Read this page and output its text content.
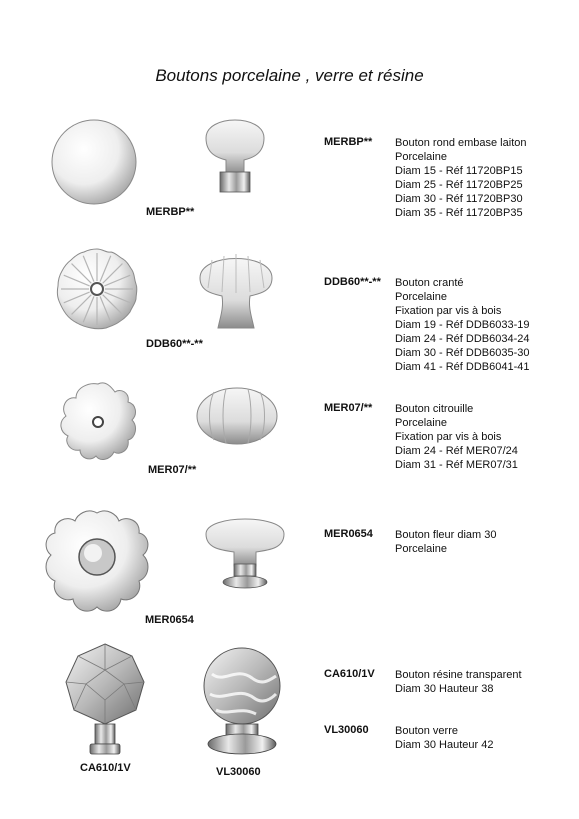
Boutons porcelaine , verre et résine
MERBP**
MERBP** Bouton rond embase laiton
Porcelaine
Diam 15 - Réf 11720BP15
Diam 25 - Réf 11720BP25
Diam 30 - Réf 11720BP30
Diam 35 - Réf 11720BP35
DDB60**-**
DDB60**-** Bouton cranté
Porcelaine
Fixation par vis à bois
Diam 19 - Réf DDB6033-19
Diam 24 - Réf DDB6034-24
Diam 30 - Réf DDB6035-30
Diam 41 - Réf DDB6041-41
MER07/**
MER07/** Bouton citrouille
Porcelaine
Fixation par vis à bois
Diam 24 - Réf MER07/24
Diam 31 - Réf MER07/31
MER0654
MER0654 Bouton fleur diam 30
Porcelaine
CA610/1V
CA610/1V Bouton résine transparent
Diam 30 Hauteur 38
VL30060
VL30060 Bouton verre
Diam 30 Hauteur 42
